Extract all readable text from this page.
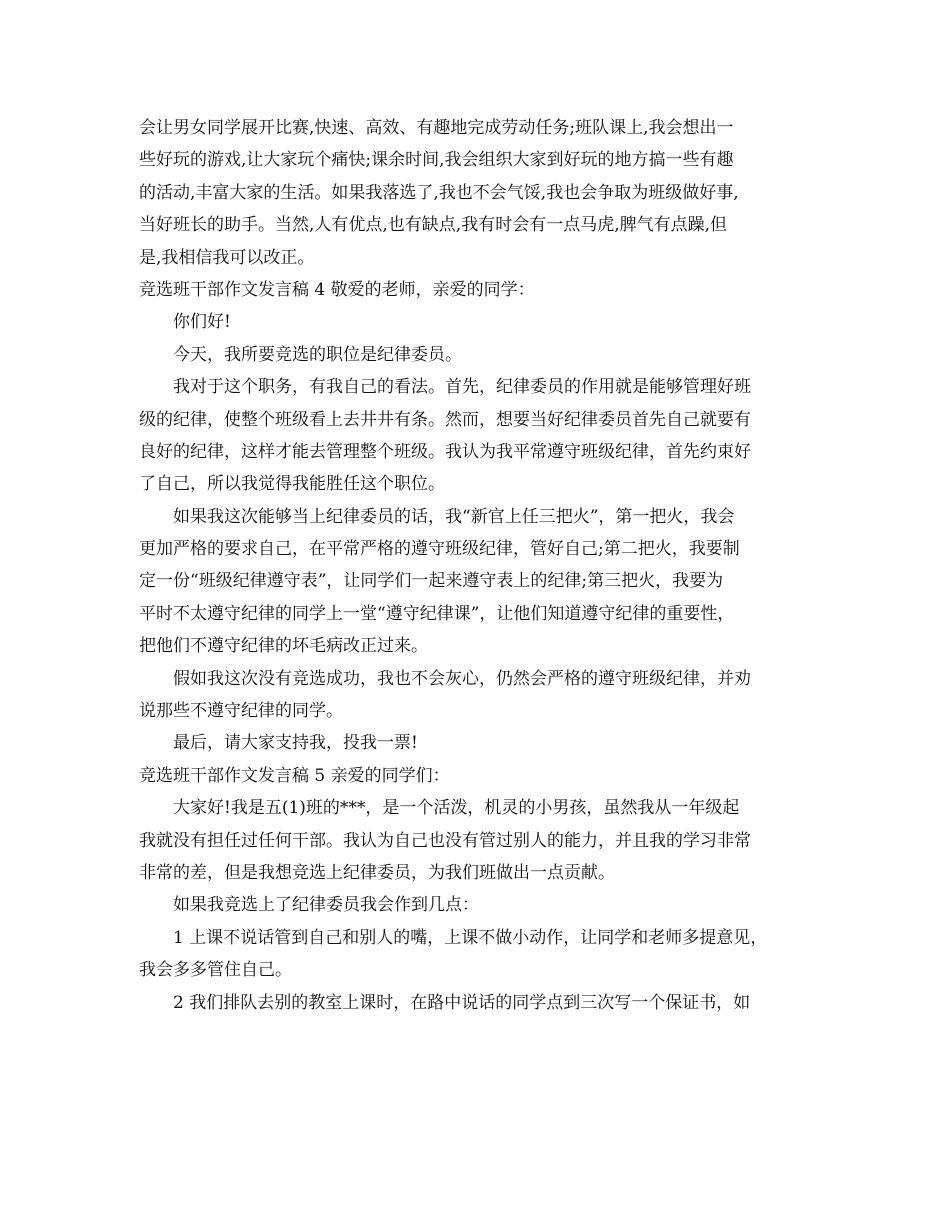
会让男女同学展开比赛,快速、高效、有趣地完成劳动任务;班队课上,我会想出一
些好玩的游戏,让大家玩个痛快;课余时间,我会组织大家到好玩的地方搞一些有趣
的活动,丰富大家的生活。如果我落选了,我也不会气馁,我也会争取为班级做好事,
当好班长的助手。当然,人有优点,也有缺点,我有时会有一点马虎,脾气有点躁,但
是,我相信我可以改正。
竞选班干部作文发言稿 4 敬爱的老师，亲爱的同学：
你们好!
今天，我所要竞选的职位是纪律委员。
我对于这个职务，有我自己的看法。首先，纪律委员的作用就是能够管理好班
级的纪律，使整个班级看上去井井有条。然而，想要当好纪律委员首先自己就要有
良好的纪律，这样才能去管理整个班级。我认为我平常遵守班级纪律，首先约束好
了自己，所以我觉得我能胜任这个职位。
如果我这次能够当上纪律委员的话，我“新官上任三把火”，第一把火，我会
更加严格的要求自己，在平常严格的遵守班级纪律，管好自己;第二把火，我要制
定一份“班级纪律遵守表”，让同学们一起来遵守表上的纪律;第三把火，我要为
平时不太遵守纪律的同学上一堂“遵守纪律课”，让他们知道遵守纪律的重要性，
把他们不遵守纪律的坏毛病改正过来。
假如我这次没有竞选成功，我也不会灰心，仍然会严格的遵守班级纪律，并劝
说那些不遵守纪律的同学。
最后，请大家支持我，投我一票!
竞选班干部作文发言稿 5 亲爱的同学们：
大家好!我是五(1)班的***，是一个活泼，机灵的小男孩，虽然我从一年级起
我就没有担任过任何干部。我认为自己也没有管过别人的能力，并且我的学习非常
非常的差，但是我想竞选上纪律委员，为我们班做出一点贡献。
如果我竞选上了纪律委员我会作到几点：
1 上课不说话管到自己和别人的嘴，上课不做小动作，让同学和老师多提意见，
我会多多管住自己。
2 我们排队去别的教室上课时，在路中说话的同学点到三次写一个保证书，如
